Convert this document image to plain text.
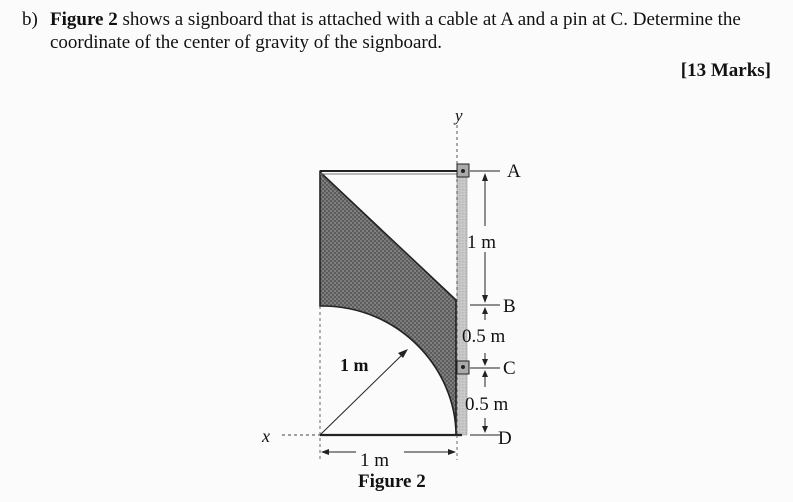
b) Figure 2 shows a signboard that is attached with a cable at A and a pin at C. Determine the
coordinate of the center of gravity of the signboard.
[13 Marks]
y
x
A
1 m
B
0.5 m
C
0.5 m
D
1 m
1 m
Figure 2
